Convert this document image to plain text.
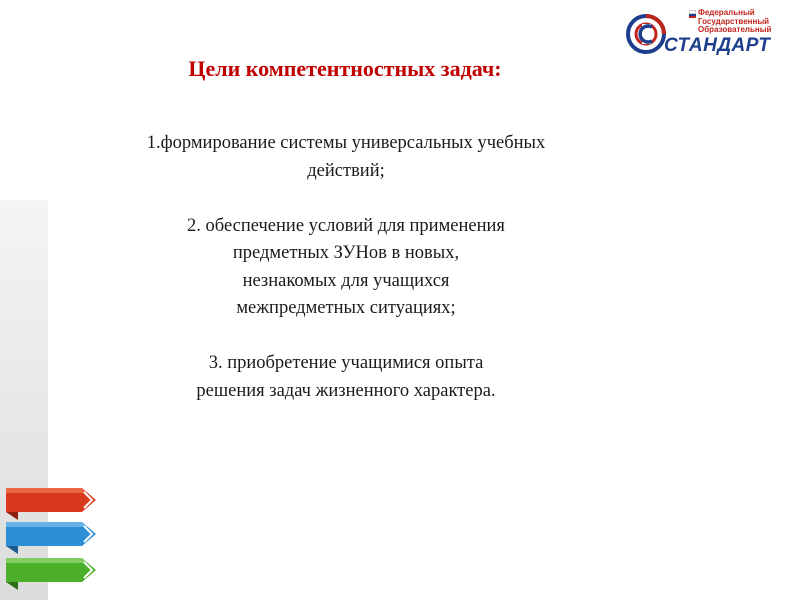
Федеральный
Государственный
Образовательный
СТАНДАРТ
Цели компетентностных задач:

1.формирование системы универсальных учебных

действий;

2. обеспечение условий для применения

предметных ЗУНов в новых,

незнакомых для учащихся

межпредметных ситуациях;

3. приобретение учащимися опыта

решения задач жизненного характера.
